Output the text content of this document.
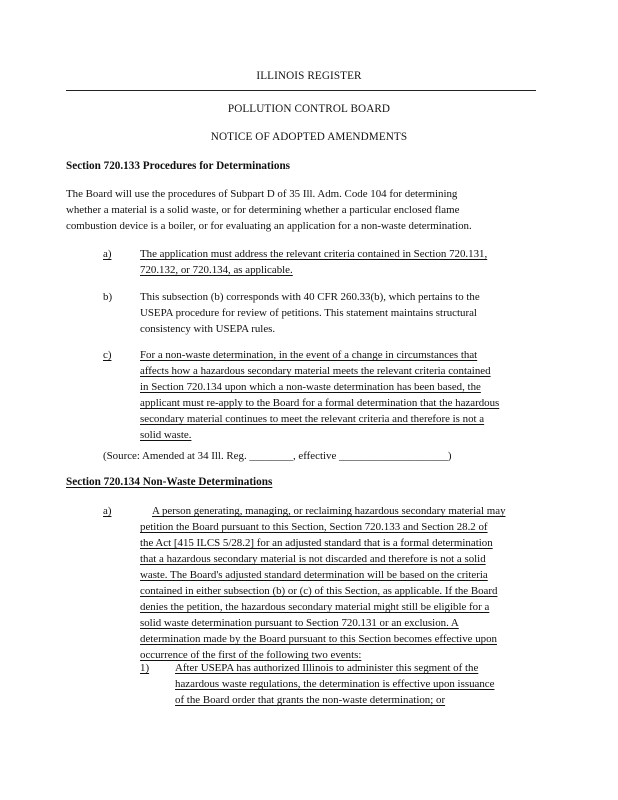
ILLINOIS REGISTER
POLLUTION CONTROL BOARD
NOTICE OF ADOPTED AMENDMENTS
Section 720.133 Procedures for Determinations
The Board will use the procedures of Subpart D of 35 Ill. Adm. Code 104 for determining
whether a material is a solid waste, or for determining whether a particular enclosed flame
combustion device is a boiler, or for evaluating an application for a non-waste determination.
a)	The application must address the relevant criteria contained in Section 720.131,
720.132, or 720.134, as applicable.
b)	This subsection (b) corresponds with 40 CFR 260.33(b), which pertains to the
USEPA procedure for review of petitions. This statement maintains structural
consistency with USEPA rules.
c)	For a non-waste determination, in the event of a change in circumstances that
affects how a hazardous secondary material meets the relevant criteria contained
in Section 720.134 upon which a non-waste determination has been based, the
applicant must re-apply to the Board for a formal determination that the hazardous
secondary material continues to meet the relevant criteria and therefore is not a
solid waste.
(Source: Amended at 34 Ill. Reg. ________, effective ____________________)
Section 720.134 Non-Waste Determinations
a)	A person generating, managing, or reclaiming hazardous secondary material may
petition the Board pursuant to this Section, Section 720.133 and Section 28.2 of
the Act [415 ILCS 5/28.2] for an adjusted standard that is a formal determination
that a hazardous secondary material is not discarded and therefore is not a solid
waste. The Board's adjusted standard determination will be based on the criteria
contained in either subsection (b) or (c) of this Section, as applicable. If the Board
denies the petition, the hazardous secondary material might still be eligible for a
solid waste determination pursuant to Section 720.131 or an exclusion. A
determination made by the Board pursuant to this Section becomes effective upon
occurrence of the first of the following two events:
1) After USEPA has authorized Illinois to administer this segment of the
hazardous waste regulations, the determination is effective upon issuance
of the Board order that grants the non-waste determination; or
